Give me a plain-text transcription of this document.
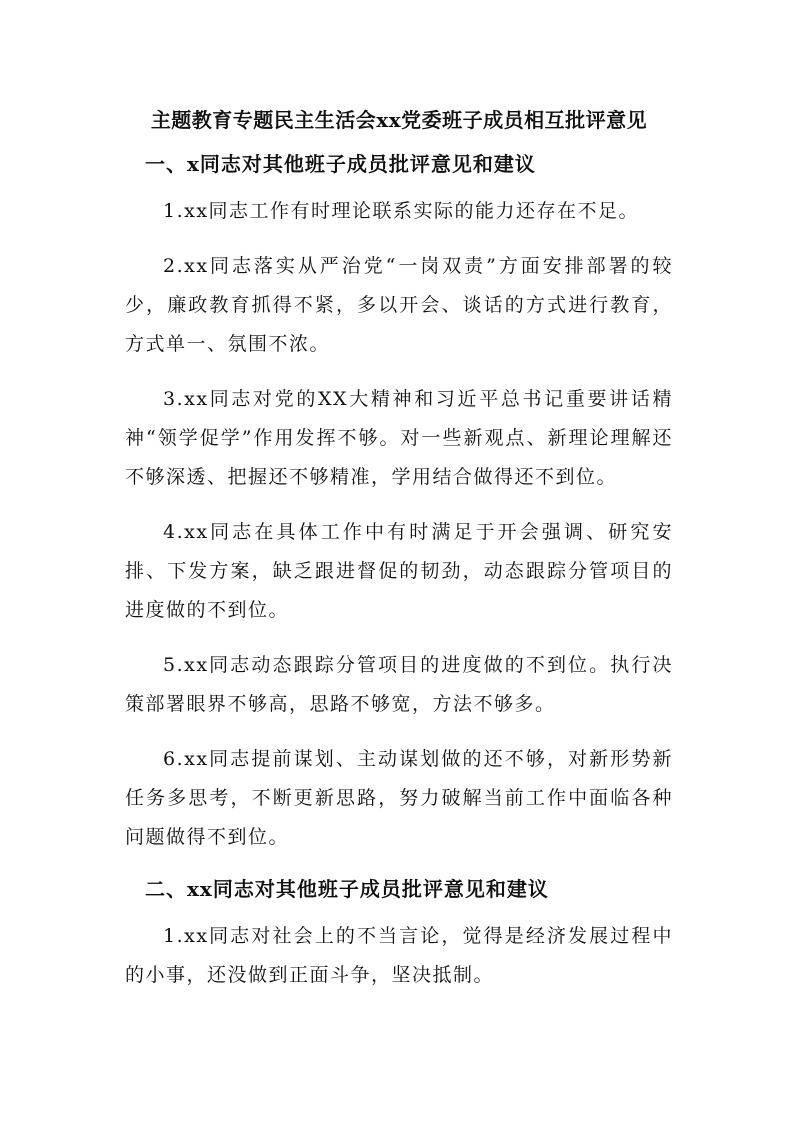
主题教育专题民主生活会xx党委班子成员相互批评意见
一、x同志对其他班子成员批评意见和建议

1.xx同志工作有时理论联系实际的能力还存在不足。

2.xx同志落实从严治党“一岗双责”方面安排部署的较少，廉政教育抓得不紧，多以开会、谈话的方式进行教育，方式单一、氛围不浓。

3.xx同志对党的XX大精神和习近平总书记重要讲话精神“领学促学”作用发挥不够。对一些新观点、新理论理解还不够深透、把握还不够精准，学用结合做得还不到位。

4.xx同志在具体工作中有时满足于开会强调、研究安排、下发方案，缺乏跟进督促的韧劲，动态跟踪分管项目的进度做的不到位。

5.xx同志动态跟踪分管项目的进度做的不到位。执行决策部署眼界不够高，思路不够宽，方法不够多。

6.xx同志提前谋划、主动谋划做的还不够，对新形势新任务多思考，不断更新思路，努力破解当前工作中面临各种问题做得不到位。

二、xx同志对其他班子成员批评意见和建议

1.xx同志对社会上的不当言论，觉得是经济发展过程中的小事，还没做到正面斗争，坚决抵制。
